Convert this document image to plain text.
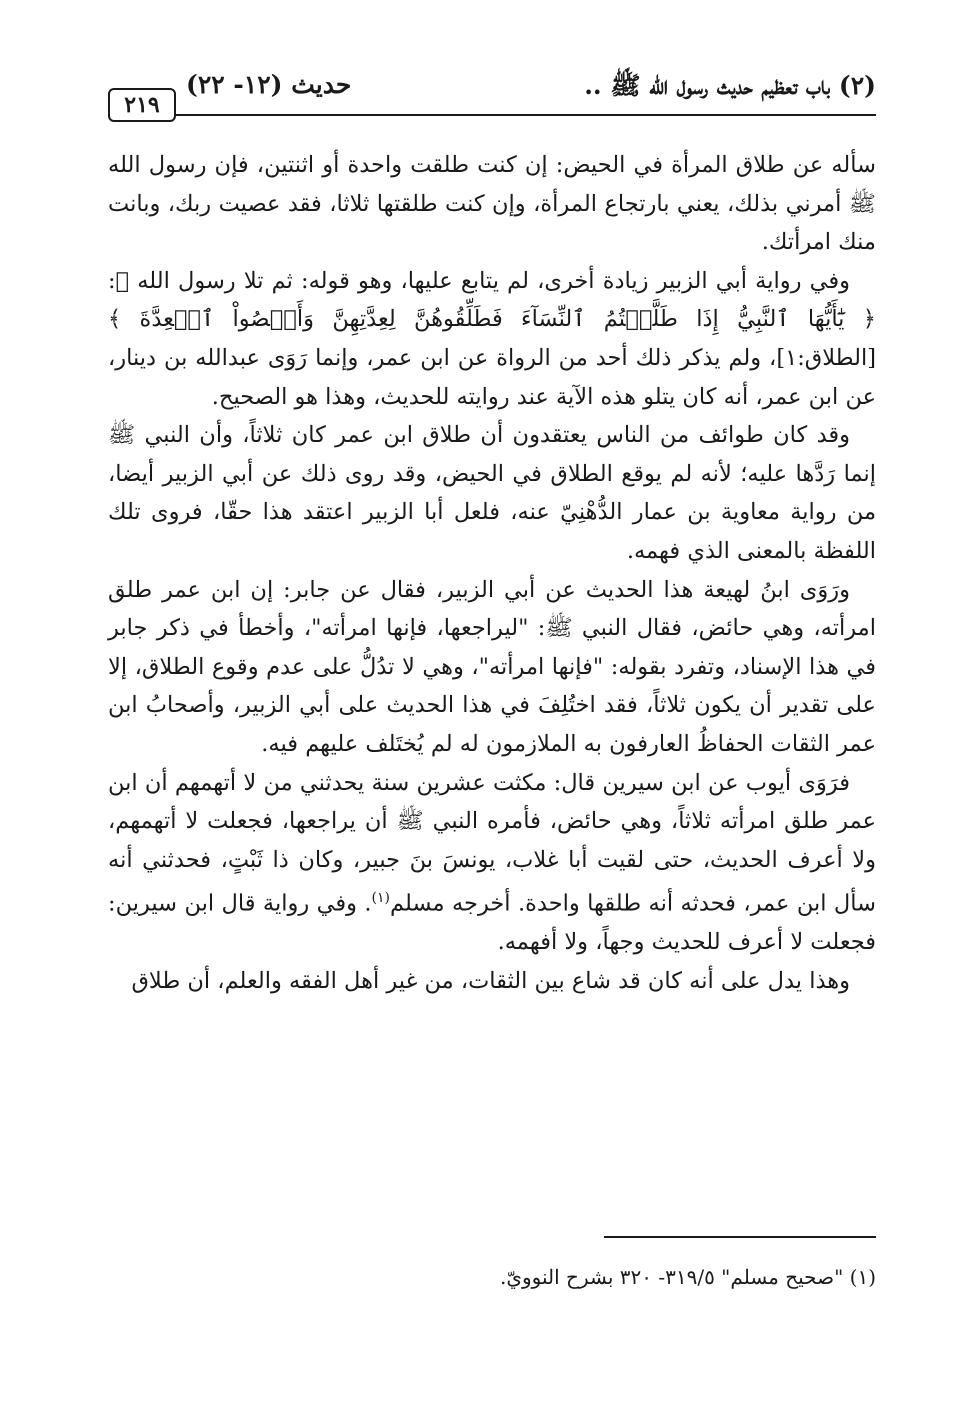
(٢) باب تعظيم حديث رسول الله ﷺ ..
حديث (١٢- ٢٢)
٢١٩

سأله عن طلاق المرأة في الحيض: إن كنت طلقت واحدة أو اثنتين، فإن رسول الله ﷺ أمرني بذلك، يعني بارتجاع المرأة، وإن كنت طلقتها ثلاثا، فقد عصيت ربك، وبانت منك امرأتك.

وفي رواية أبي الزبير زيادة أخرى، لم يتابع عليها، وهو قوله: ثم تلا رسول الله ﷺ: ﴿ يَٰٓأَيُّهَا ٱلنَّبِيُّ إِذَا طَلَّقۡتُمُ ٱلنِّسَآءَ فَطَلِّقُوهُنَّ لِعِدَّتِهِنَّ وَأَحۡصُواْ ٱلۡعِدَّةَ ﴾ [الطلاق:١]، ولم يذكر ذلك أحد من الرواة عن ابن عمر، وإنما رَوَى عبدالله بن دينار، عن ابن عمر، أنه كان يتلو هذه الآية عند روايته للحديث، وهذا هو الصحيح.

وقد كان طوائف من الناس يعتقدون أن طلاق ابن عمر كان ثلاثاً، وأن النبي ﷺ إنما رَدَّها عليه؛ لأنه لم يوقع الطلاق في الحيض، وقد روى ذلك عن أبي الزبير أيضا، من رواية معاوية بن عمار الدُّهْنِيّ عنه، فلعل أبا الزبير اعتقد هذا حقّا، فروى تلك اللفظة بالمعنى الذي فهمه.

ورَوَى ابنُ لهيعة هذا الحديث عن أبي الزبير، فقال عن جابر: إن ابن عمر طلق امرأته، وهي حائض، فقال النبي ﷺ: "ليراجعها، فإنها امرأته"، وأخطأ في ذكر جابر في هذا الإسناد، وتفرد بقوله: "فإنها امرأته"، وهي لا تدُلُّ على عدم وقوع الطلاق، إلا على تقدير أن يكون ثلاثاً، فقد اختُلِفَ في هذا الحديث على أبي الزبير، وأصحابُ ابن عمر الثقات الحفاظُ العارفون به الملازمون له لم يُختَلف عليهم فيه.

فرَوَى أيوب عن ابن سيرين قال: مكثت عشرين سنة يحدثني من لا أتهمهم أن ابن عمر طلق امرأته ثلاثاً، وهي حائض، فأمره النبي ﷺ أن يراجعها، فجعلت لا أتهمهم، ولا أعرف الحديث، حتى لقيت أبا غلاب، يونسَ بنَ جبير، وكان ذا ثَبْتٍ، فحدثني أنه سأل ابن عمر، فحدثه أنه طلقها واحدة. أخرجه مسلم$^{(١)}$. وفي رواية قال ابن سيرين: فجعلت لا أعرف للحديث وجهاً، ولا أفهمه.

وهذا يدل على أنه كان قد شاع بين الثقات، من غير أهل الفقه والعلم، أن طلاق

(١) "صحيح مسلم" ٣١٩/٥- ٣٢٠ بشرح النوويّ.
